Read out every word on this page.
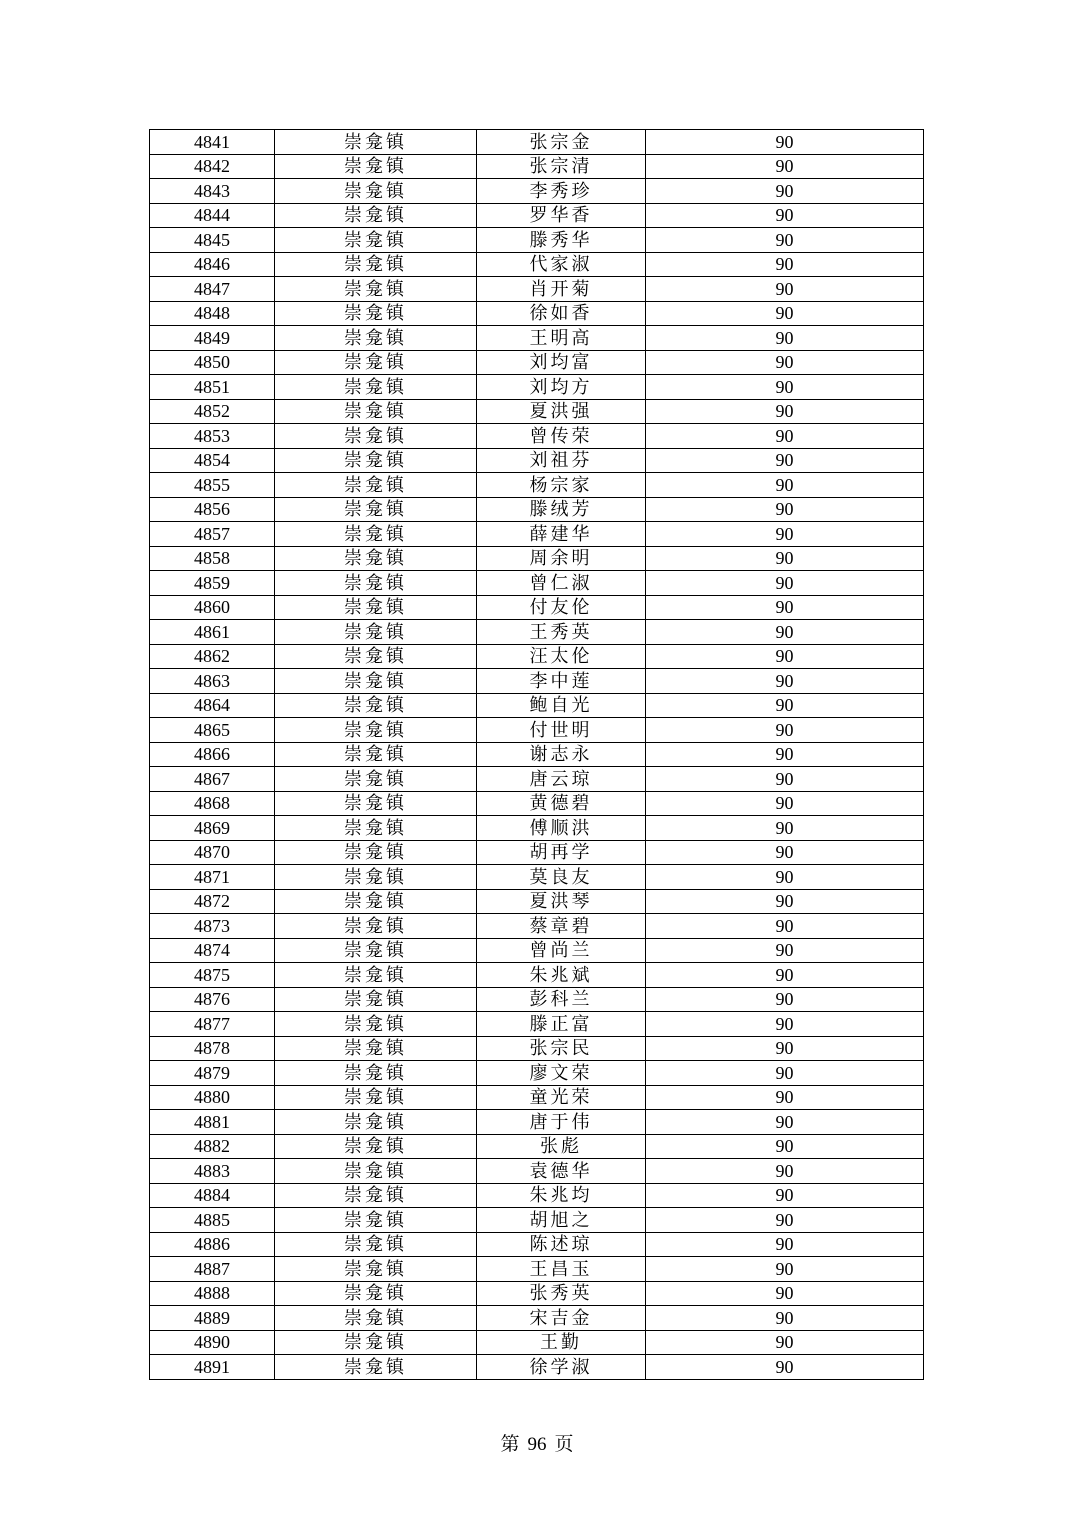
4841	崇龛镇	张宗金	90
4842	崇龛镇	张宗清	90
4843	崇龛镇	李秀珍	90
4844	崇龛镇	罗华香	90
4845	崇龛镇	滕秀华	90
4846	崇龛镇	代家淑	90
4847	崇龛镇	肖开菊	90
4848	崇龛镇	徐如香	90
4849	崇龛镇	王明高	90
4850	崇龛镇	刘均富	90
4851	崇龛镇	刘均方	90
4852	崇龛镇	夏洪强	90
4853	崇龛镇	曾传荣	90
4854	崇龛镇	刘祖芬	90
4855	崇龛镇	杨宗家	90
4856	崇龛镇	滕绒芳	90
4857	崇龛镇	薛建华	90
4858	崇龛镇	周余明	90
4859	崇龛镇	曾仁淑	90
4860	崇龛镇	付友伦	90
4861	崇龛镇	王秀英	90
4862	崇龛镇	汪太伦	90
4863	崇龛镇	李中莲	90
4864	崇龛镇	鲍自光	90
4865	崇龛镇	付世明	90
4866	崇龛镇	谢志永	90
4867	崇龛镇	唐云琼	90
4868	崇龛镇	黄德碧	90
4869	崇龛镇	傅顺洪	90
4870	崇龛镇	胡再学	90
4871	崇龛镇	莫良友	90
4872	崇龛镇	夏洪琴	90
4873	崇龛镇	蔡章碧	90
4874	崇龛镇	曾尚兰	90
4875	崇龛镇	朱兆斌	90
4876	崇龛镇	彭科兰	90
4877	崇龛镇	滕正富	90
4878	崇龛镇	张宗民	90
4879	崇龛镇	廖文荣	90
4880	崇龛镇	童光荣	90
4881	崇龛镇	唐于伟	90
4882	崇龛镇	张彪	90
4883	崇龛镇	袁德华	90
4884	崇龛镇	朱兆均	90
4885	崇龛镇	胡旭之	90
4886	崇龛镇	陈述琼	90
4887	崇龛镇	王昌玉	90
4888	崇龛镇	张秀英	90
4889	崇龛镇	宋吉金	90
4890	崇龛镇	王勤	90
4891	崇龛镇	徐学淑	90
第 96 页
